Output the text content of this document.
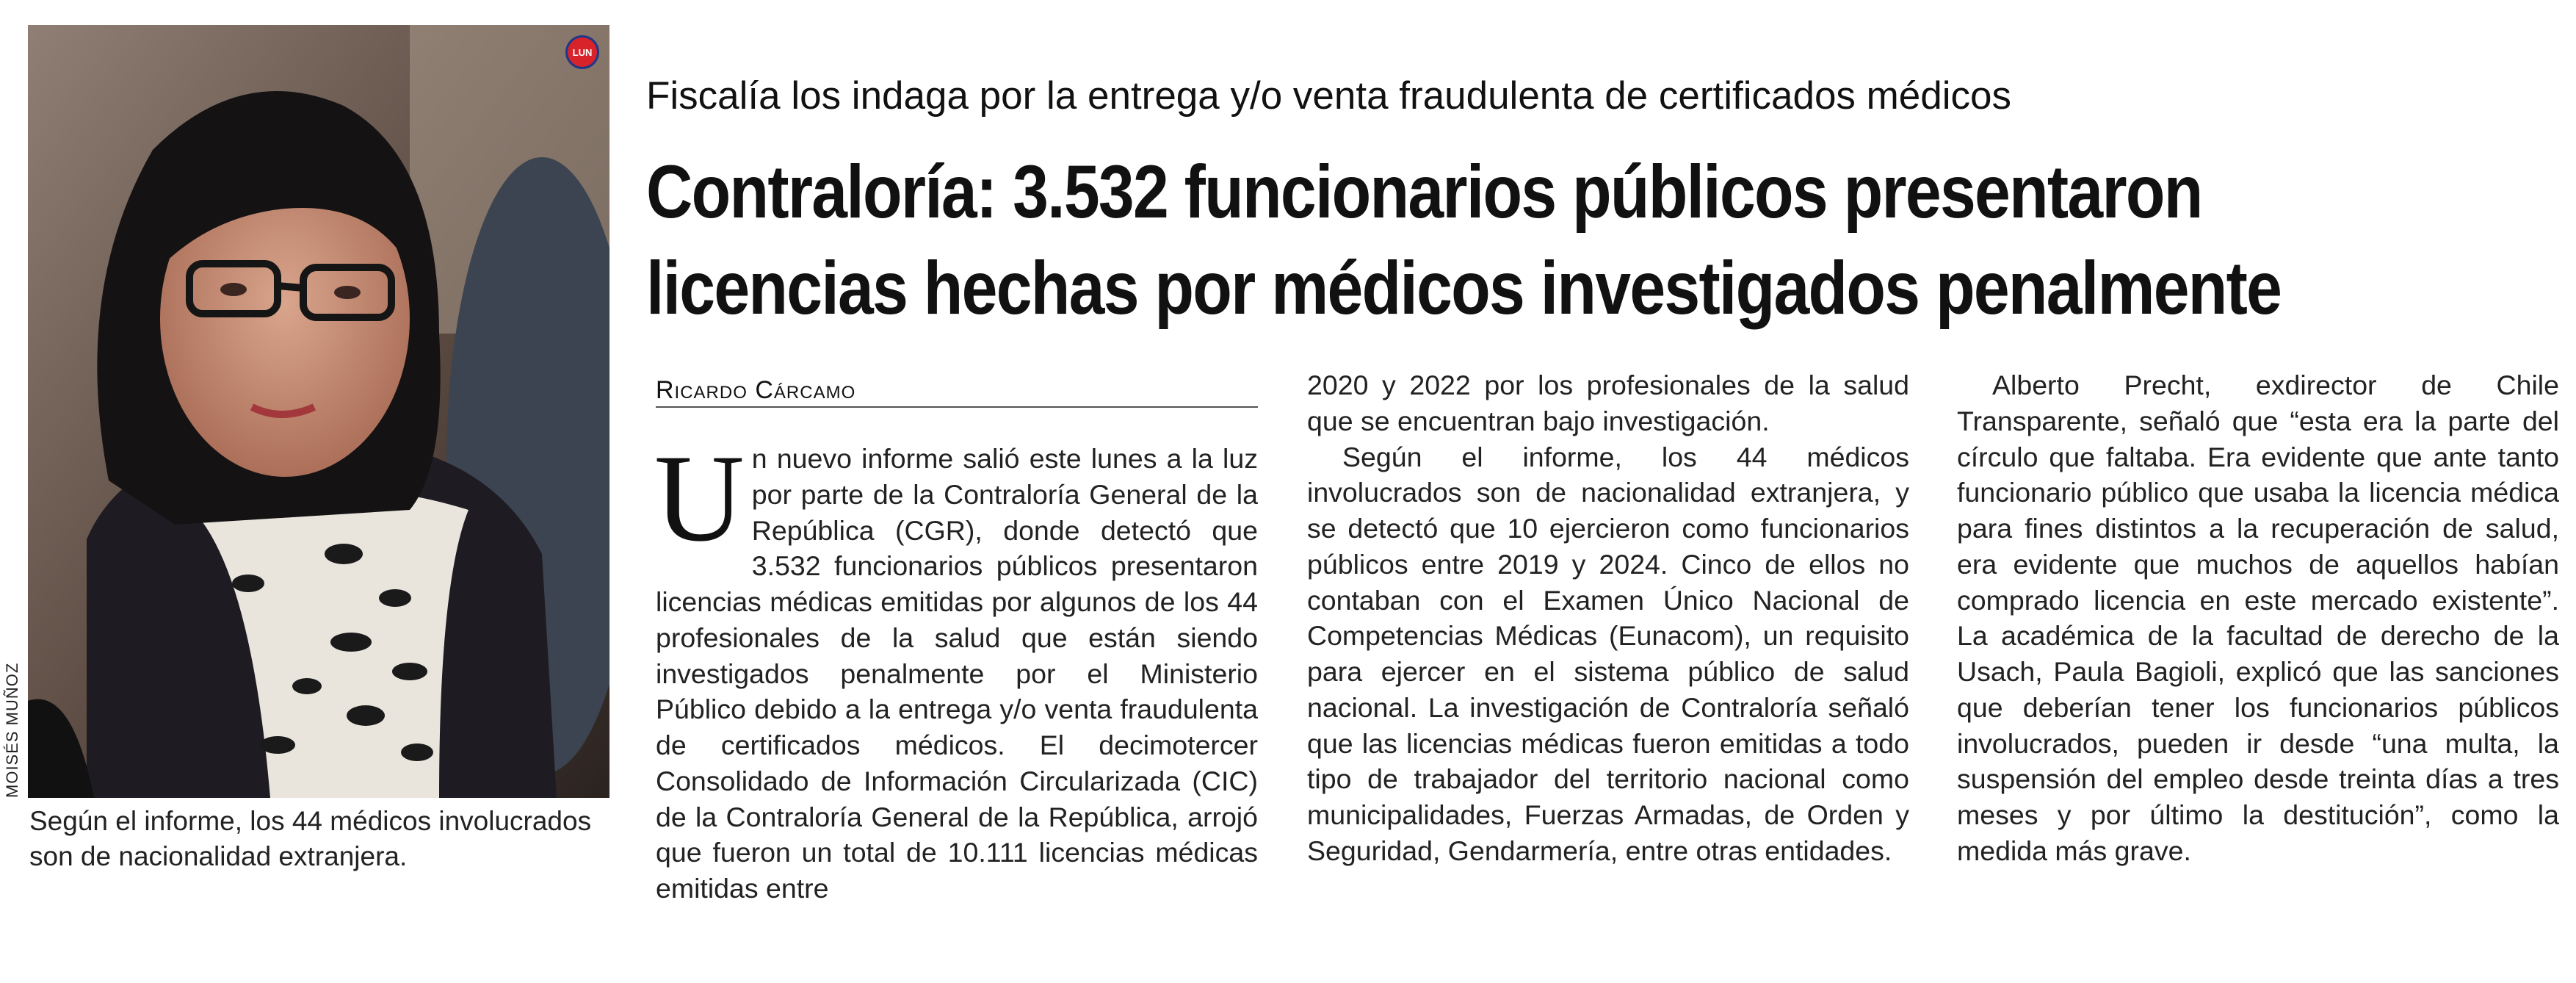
LUN
MOISÉS MUÑOZ
Según el informe, los 44 médicos involucrados son de nacionalidad extranjera.
Fiscalía los indaga por la entrega y/o venta fraudulenta de certificados médicos
Contraloría: 3.532 funcionarios públicos presentaron
licencias hechas por médicos investigados penalmente
Ricardo Cárcamo

Un nuevo informe salió este lunes a la luz por parte de la Contraloría General de la República (CGR), donde detectó que 3.532 funcionarios públicos presentaron licencias médicas emitidas por algunos de los 44 profesionales de la salud que están siendo investigados penalmente por el Ministerio Público debido a la entrega y/o venta fraudulenta de certificados médicos. El decimotercer Consolidado de Información Circularizada (CIC) de la Contraloría General de la República, arrojó que fueron un total de 10.111 licencias médicas emitidas entre

2020 y 2022 por los profesionales de la salud que se encuentran bajo investigación.

Según el informe, los 44 médicos involucrados son de nacionalidad extranjera, y se detectó que 10 ejercieron como funcionarios públicos entre 2019 y 2024. Cinco de ellos no contaban con el Examen Único Nacional de Competencias Médicas (Eunacom), un requisito para ejercer en el sistema público de salud nacional. La investigación de Contraloría señaló que las licencias médicas fueron emitidas a todo tipo de trabajador del territorio nacional como municipalidades, Fuerzas Armadas, de Orden y Seguridad, Gendarmería, entre otras entidades.

Alberto Precht, exdirector de Chile Transparente, señaló que “esta era la parte del círculo que faltaba. Era evidente que ante tanto funcionario público que usaba la licencia médica para fines distintos a la recuperación de salud, era evidente que muchos de aquellos habían comprado licencia en este mercado existente”. La académica de la facultad de derecho de la Usach, Paula Bagioli, explicó que las sanciones que deberían tener los funcionarios públicos involucrados, pueden ir desde “una multa, la suspensión del empleo desde treinta días a tres meses y por último la destitución”, como la medida más grave.
